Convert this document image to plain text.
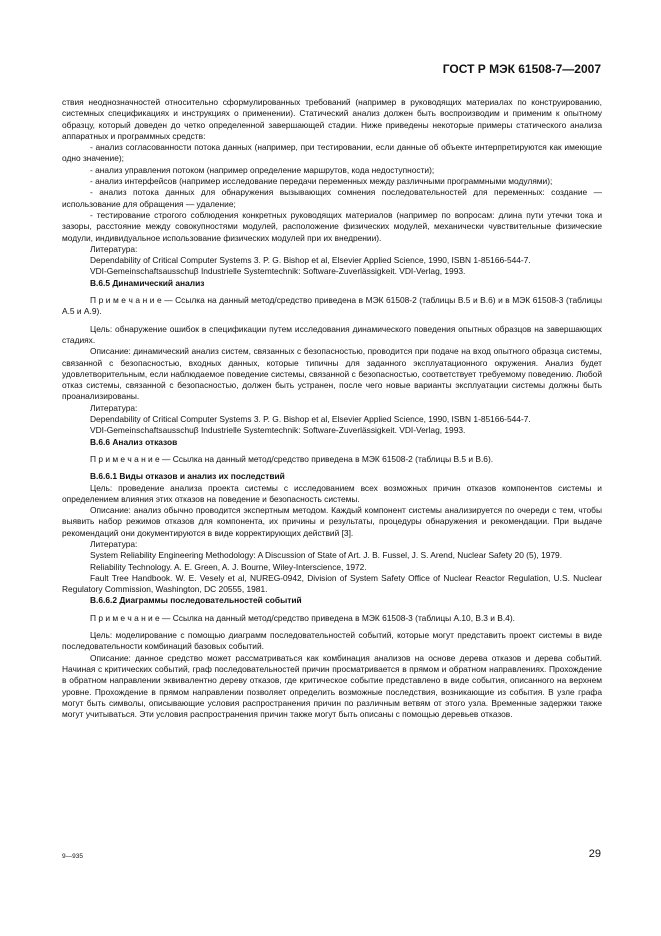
ГОСТ Р МЭК 61508-7—2007

ствия неоднозначностей относительно сформулированных требований (например в руководящих материалах по конструированию, системных спецификациях и инструкциях о применении). Статический анализ должен быть воспроизводим и применим к опытному образцу, который доведен до четко определенной завершающей стадии. Ниже приведены некоторые примеры статического анализа аппаратных и программных средств:

- анализ согласованности потока данных (например, при тестировании, если данные об объекте интерпретируются как имеющие одно значение);

- анализ управления потоком (например определение маршрутов, кода недоступности);

- анализ интерфейсов (например исследование передачи переменных между различными программными модулями);

- анализ потока данных для обнаружения вызывающих сомнения последовательностей для переменных: создание — использование для обращения — удаление;

- тестирование строгого соблюдения конкретных руководящих материалов (например по вопросам: длина пути утечки тока и зазоры, расстояние между совокупностями модулей, расположение физических модулей, механически чувствительные физические модули, индивидуальное использование физических модулей при их внедрении).

Литература:

Dependability of Critical Computer Systems 3. P. G. Bishop et al, Elsevier Applied Science, 1990, ISBN 1-85166-544-7.

VDI-Gemeinschaftsausschuβ Industrielle Systemtechnik: Software-Zuverlässigkeit. VDI-Verlag, 1993.

B.6.5 Динамический анализ

П р и м е ч а н и е — Ссылка на данный метод/средство приведена в МЭК 61508-2 (таблицы В.5 и В.6) и в МЭК 61508-3 (таблицы А.5 и А.9).

Цель: обнаружение ошибок в спецификации путем исследования динамического поведения опытных образцов на завершающих стадиях.

Описание: динамический анализ систем, связанных с безопасностью, проводится при подаче на вход опытного образца системы, связанной с безопасностью, входных данных, которые типичны для заданного эксплуатационного окружения. Анализ будет удовлетворительным, если наблюдаемое поведение системы, связанной с безопасностью, соответствует требуемому поведению. Любой отказ системы, связанной с безопасностью, должен быть устранен, после чего новые варианты эксплуатации системы должны быть проанализированы.

Литература:

Dependability of Critical Computer Systems 3. P. G. Bishop et al, Elsevier Applied Science, 1990, ISBN 1-85166-544-7.

VDI-Gemeinschaftsausschuβ Industrielle Systemtechnik: Software-Zuverlässigkeit. VDI-Verlag, 1993.

B.6.6 Анализ отказов

П р и м е ч а н и е — Ссылка на данный метод/средство приведена в МЭК 61508-2 (таблицы В.5 и В.6).

B.6.6.1 Виды отказов и анализ их последствий

Цель: проведение анализа проекта системы с исследованием всех возможных причин отказов компонентов системы и определением влияния этих отказов на поведение и безопасность системы.

Описание: анализ обычно проводится экспертным методом. Каждый компонент системы анализируется по очереди с тем, чтобы выявить набор режимов отказов для компонента, их причины и результаты, процедуры обнаружения и рекомендации. При выдаче рекомендаций они документируются в виде корректирующих действий [3].

Литература:

System Reliability Engineering Methodology: A Discussion of State of Art. J. B. Fussel, J. S. Arend, Nuclear Safety 20 (5), 1979.

Reliability Technology. A. E. Green, A. J. Bourne, Wiley-Interscience, 1972.

Fault Tree Handbook. W. E. Vesely et al, NUREG-0942, Division of System Safety Office of Nuclear Reactor Regulation, U.S. Nuclear Regulatory Commission, Washington, DC 20555, 1981.

B.6.6.2 Диаграммы последовательностей событий

П р и м е ч а н и е — Ссылка на данный метод/средство приведена в МЭК 61508-3 (таблицы А.10, В.3 и В.4).

Цель: моделирование с помощью диаграмм последовательностей событий, которые могут представить проект системы в виде последовательности комбинаций базовых событий.

Описание: данное средство может рассматриваться как комбинация анализов на основе дерева отказов и дерева событий. Начиная с критических событий, граф последовательностей причин просматривается в прямом и обратном направлениях. Прохождение в обратном направлении эквивалентно дереву отказов, где критическое событие представлено в виде события, описанного на верхнем уровне. Прохождение в прямом направлении позволяет определить возможные последствия, возникающие из события. В узле графа могут быть символы, описывающие условия распространения причин по различным ветвям от этого узла. Временные задержки также могут учитываться. Эти условия распространения причин также могут быть описаны с помощью деревьев отказов.

9—935	29
